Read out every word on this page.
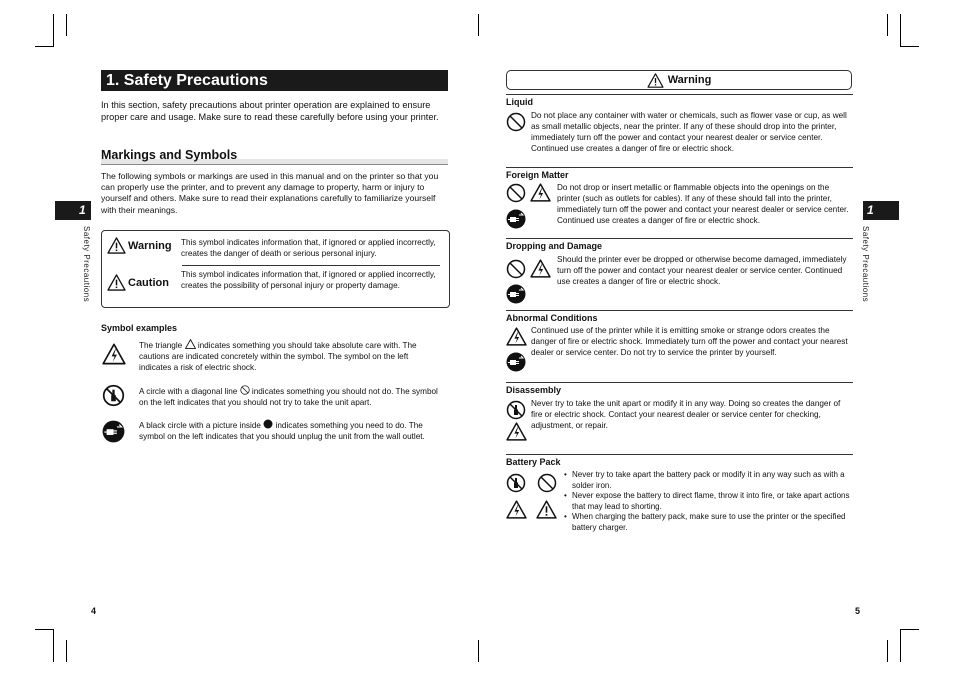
1. Safety Precautions

In this section, safety precautions about printer operation are explained to ensure proper care and usage. Make sure to read these carefully before using your printer.

Markings and Symbols

The following symbols or markings are used in this manual and on the printer so that you can properly use the printer, and to prevent any damage to property, harm or injury to yourself and others. Make sure to read their explanations carefully to familiarize yourself with their meanings.

1
Safety Precautions	Warning This symbol indicates information that, if ignored or applied incorrectly, creates the danger of death or serious personal injury.
Caution
This symbol indicates information that, if ignored or applied incorrectly, creates the possibility of personal injury or property damage.
Symbol examples

The triangle indicates something you should take absolute care with. The cautions are indicated concretely within the symbol. The symbol on the left indicates a risk of electric shock.

A circle with a diagonal line indicates something you should not do. The symbol on the left indicates that you should not try to take the unit apart.

A black circle with a picture inside indicates something you need to do. The symbol on the left indicates that you should unplug the unit from the wall outlet.

4
Warning
1
Safety Precautions
Liquid
Do not place any container with water or chemicals, such as flower vase or cup, as well as small metallic objects, near the printer. If any of these should drop into the printer, immediately turn off the power and contact your nearest dealer or service center. Continued use creates a danger of fire or electric shock.
Foreign Matter
Do not drop or insert metallic or flammable objects into the openings on the printer (such as outlets for cables). If any of these should fall into the printer, immediately turn off the power and contact your nearest dealer or service center. Continued use creates a danger of fire or electric shock.
Dropping and Damage
Should the printer ever be dropped or otherwise become damaged, immediately turn off the power and contact your nearest dealer or service center. Continued use creates a danger of fire or electric shock.
Abnormal Conditions
Continued use of the printer while it is emitting smoke or strange odors creates the danger of fire or electric shock. Immediately turn off the power and contact your nearest dealer or service center. Do not try to service the printer by yourself.
Disassembly
Never try to take the unit apart or modify it in any way. Doing so creates the danger of fire or electric shock. Contact your nearest dealer or service center for checking, adjustment, or repair.
Battery Pack
• Never try to take apart the battery pack or modify it in any way such as with a solder iron.
• Never expose the battery to direct flame, throw it into fire, or take apart actions that may lead to shorting.
• When charging the battery pack, make sure to use the printer or the specified battery charger.
5
